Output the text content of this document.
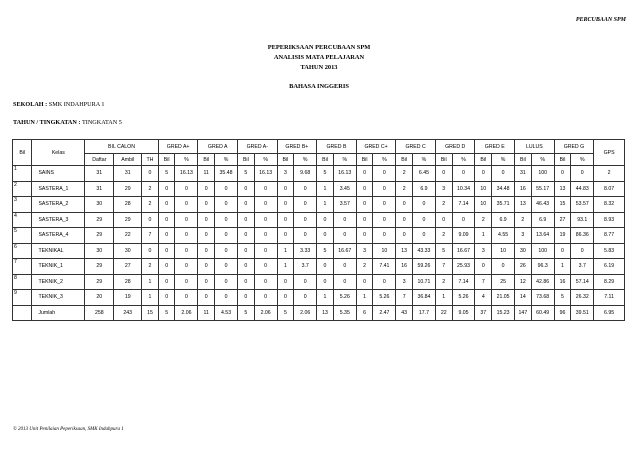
PERCUBAAN SPM
PEPERIKSAAN PERCUBAAN SPM
ANALISIS MATA PELAJARAN
TAHUN 2013
BAHASA INGGERIS
SEKOLAH : SMK INDAHPURA 1
TAHUN / TINGKATAN : TINGKATAN 5
Bil	Kelas	BIL CALON			GRED A+		GRED A		GRED A-		GRED B+		GRED B		GRED C+		GRED C		GRED D		GRED E		LULUS		GRED G		GPS
		Daftar	Ambil	TH	Bil	%	Bil	%	Bil	%	Bil	%	Bil	%	Bil	%	Bil	%	Bil	%	Bil	%	Bil	%	Bil	%	
1	SAINS	31	31	0	5	16.13	11	35.48	5	16.13	3	9.68	5	16.13	0	0	2	6.45	0	0	0	0	31	100	0	0	2
2	SASTERA_1	31	29	2	0	0	0	0	0	0	0	0	1	3.45	0	0	2	6.9	3	10.34	10	34.48	16	55.17	13	44.83	8.07
3	SASTERA_2	30	28	2	0	0	0	0	0	0	0	0	1	3.57	0	0	0	0	2	7.14	10	35.71	13	46.43	15	53.57	8.32
4	SASTERA_3	29	29	0	0	0	0	0	0	0	0	0	0	0	0	0	0	0	0	0	2	6.9	2	6.9	27	93.1	8.93
5	SASTERA_4	29	22	7	0	0	0	0	0	0	0	0	0	0	0	0	0	0	2	9.09	1	4.55	3	13.64	19	86.36	8.77
6	TEKNIKAL	30	30	0	0	0	0	0	0	0	1	3.33	5	16.67	3	10	13	43.33	5	16.67	3	10	30	100	0	0	5.83
7	TEKNIK_1	29	27	2	0	0	0	0	0	0	1	3.7	0	0	2	7.41	16	59.26	7	25.93	0	0	26	96.3	1	3.7	6.19
8	TEKNIK_2	29	28	1	0	0	0	0	0	0	0	0	0	0	0	0	3	10.71	2	7.14	7	25	12	42.86	16	57.14	8.29
9	TEKNIK_3	20	19	1	0	0	0	0	0	0	0	0	1	5.26	1	5.26	7	36.84	1	5.26	4	21.05	14	73.68	5	26.32	7.11
	Jumlah	258	243	15	5	2.06	11	4.53	5	2.06	5	2.06	13	5.35	6	2.47	43	17.7	22	9.05	37	15.23	147	60.49	96	39.51	6.95
© 2013 Unit Penilaian Peperiksaan, SMK Indahpura 1
